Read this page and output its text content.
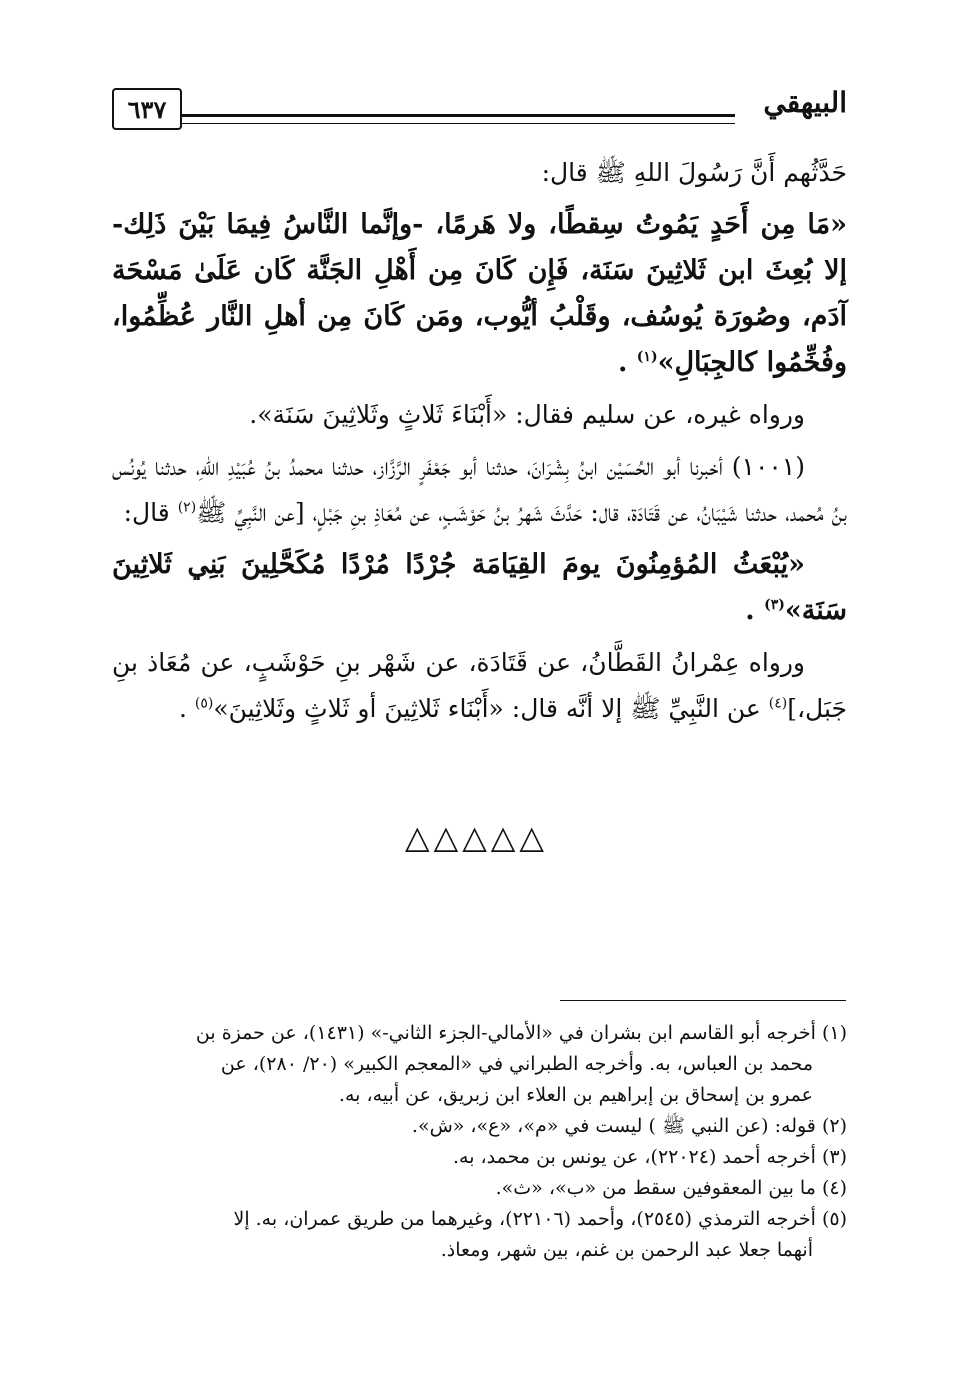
٦٣٧	البيهقي

حَدَّثُهم أَنَّ رَسُولَ اللهِ ﷺ قال:

«مَا مِن أَحَدٍ يَمُوتُ سِقطًا، ولا هَرمًا، -وإنَّما النَّاسُ فِيمَا بَيْنَ ذَلِك- إلا بُعِثَ ابن ثَلاثِينَ سَنَة، فَإِن كَانَ مِن أَهْلِ الجَنَّة كَان عَلَىٰ مَسْحَة آدَم، وصُورَة يُوسُف، وقَلْبُ أيُّوب، ومَن كَانَ مِن أهلِ النَّار عُظِّمُوا، وفُخِّمُوا كالجِبَالِ»$^{(١)}$ .

ورواه غيره، عن سليم فقال: «أَبْنَاءَ ثَلاثٍ وثَلاثِينَ سَنَة».

(١٠٠١) أخبرنا أبو الحُسَيْن ابنُ بِشْرَانَ، حدثنا أبو جَعْفَرٍ الرَّزَّاز، حدثنا محمدُ بنُ عُبَيْدِ اللهِ، حدثنا يُونُس بنُ مُحمد، حدثنا شَيْبَانُ، عن قَتَادَة، قال: حَدَّثَ شَهرُ بنُ حَوْشَبٍ، عن مُعَاذِ بنِ جَبْلٍ، [عن النَّبِيِّ ﷺ$^{(٢)}$ قال:

«يُبْعَثُ المُؤمِنُونَ يومَ القِيَامَة جُرْدًا مُرْدًا مُكَحَّلِينَ بَنِي ثَلاثِينَ سَنَة»$^{(٣)}$ .

ورواه عِمْرانُ القَطَّانُ، عن قَتَادَة، عن شَهْر بنِ حَوْشَبٍ، عن مُعَاذ بنِ جَبَل،]$^{(٤)}$ عن النَّبِيِّ ﷺ إلا أنَّه قال: «أَبْنَاء ثَلاثِينَ أو ثَلاثٍ وثَلاثِينَ»$^{(٥)}$ .

△△△△△

(١) أخرجه أبو القاسم ابن بشران في «الأمالي-الجزء الثاني-» (١٤٣١)، عن حمزة بن

محمد بن العباس، به. وأخرجه الطبراني في «المعجم الكبير» (٢٠/ ٢٨٠)، عن

عمرو بن إسحاق بن إبراهيم بن العلاء ابن زبريق، عن أبيه، به.

(٢) قوله: (عن النبي ﷺ ) ليست في «م»، «ع»، «ش».

(٣) أخرجه أحمد (٢٢٠٢٤)، عن يونس بن محمد، به.

(٤) ما بين المعقوفين سقط من «ب»، «ث».

(٥) أخرجه الترمذي (٢٥٤٥)، وأحمد (٢٢١٠٦)، وغيرهما من طريق عمران، به. إلا

أنهما جعلا عبد الرحمن بن غنم، بين شهر، ومعاذ.
